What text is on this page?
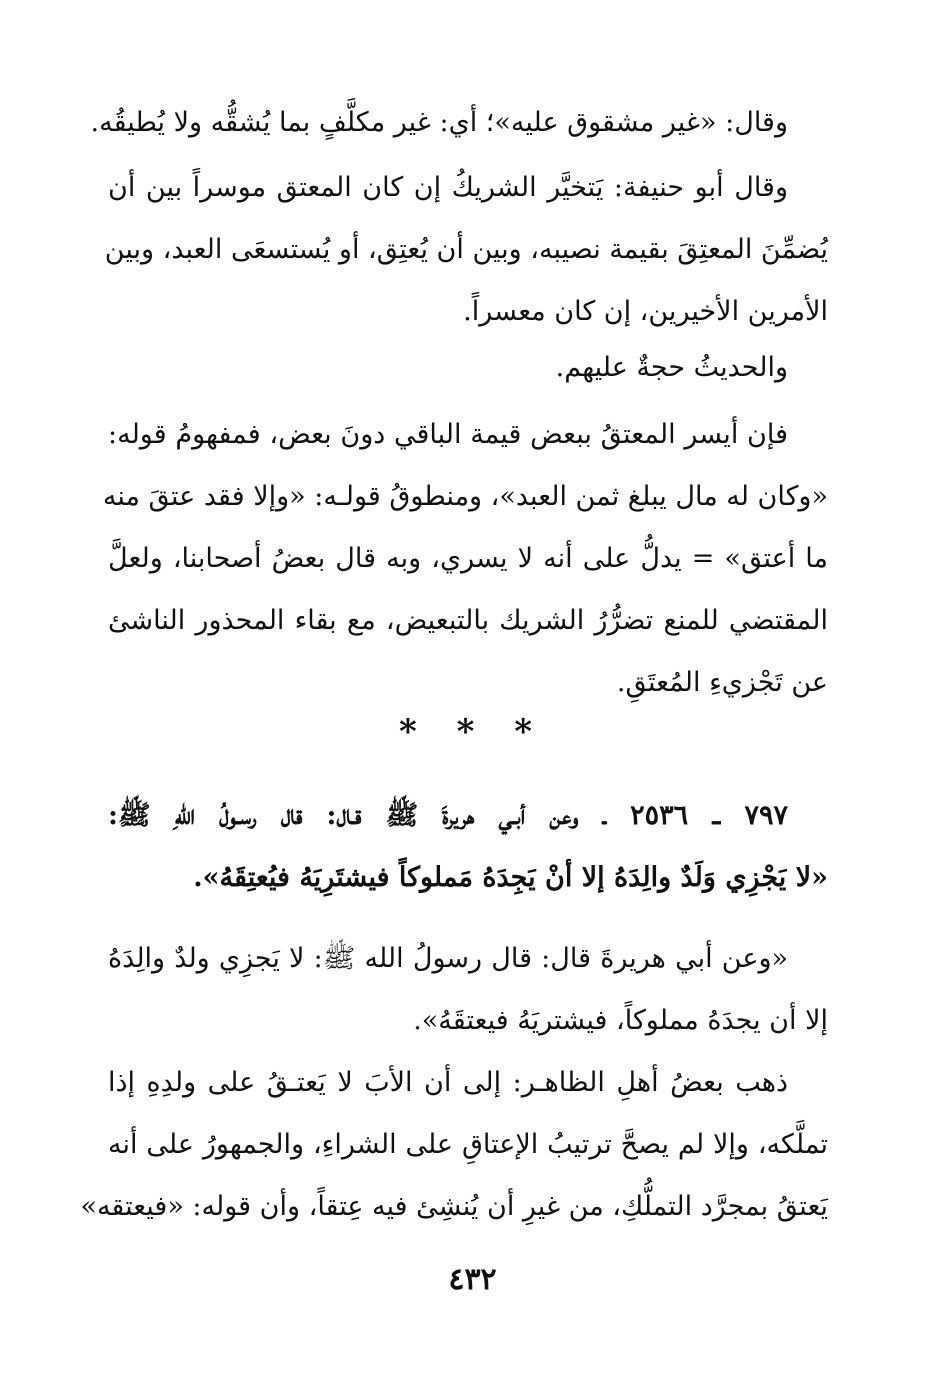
وقال: «غير مشقوق عليه»؛ أي: غير مكلَّفٍ بما يُشقُّه ولا يُطيقُه.
وقال أبو حنيفة: يَتخيَّر الشريكُ إن كان المعتق موسراً بين أن
يُضمِّنَ المعتِقَ بقيمة نصيبه، وبين أن يُعتِق، أو يُستسعَى العبد، وبين
الأمرين الأخيرين، إن كان معسراً.
والحديثُ حجةٌ عليهم.
فإن أيسر المعتقُ ببعض قيمة الباقي دونَ بعض، فمفهومُ قوله:
«وكان له مال يبلغ ثمن العبد»، ومنطوقُ قولـه: «وإلا فقد عتقَ منه
ما أعتق» = يدلُّ على أنه لا يسري، وبه قال بعضُ أصحابنا، ولعلَّ
المقتضي للمنع تضرُّرُ الشريك بالتبعيض، مع بقاء المحذور الناشئ
عن تَجْزيءِ المُعتَقِ.
* * *
٧٩٧ ـ ٢٥٣٦ ـ وعن أبـي هريرةَ ﷺ قـال: قال رسـولُ اللهِ ﷺ:
«لا يَجْزِي وَلَدٌ والِدَهُ إلا أنْ يَجِدَهُ مَملوكاً فيشتَرِيَهُ فيُعتِقَهُ».
«وعن أبي هريرةَ قال: قال رسولُ الله ﷺ: لا يَجزِي ولدٌ والِدَهُ
إلا أن يجدَهُ مملوكاً، فيشتريَهُ فيعتقَهُ».
ذهب بعضُ أهلِ الظاهـر: إلى أن الأبَ لا يَعتـقُ على ولدِهِ إذا
تملَّكه، وإلا لم يصحَّ ترتيبُ الإعتاقِ على الشراءِ، والجمهورُ على أنه
يَعتقُ بمجرَّد التملُّكِ، من غيرِ أن يُنشِئ فيه عِتقاً، وأن قوله: «فيعتقه»
٤٣٢
